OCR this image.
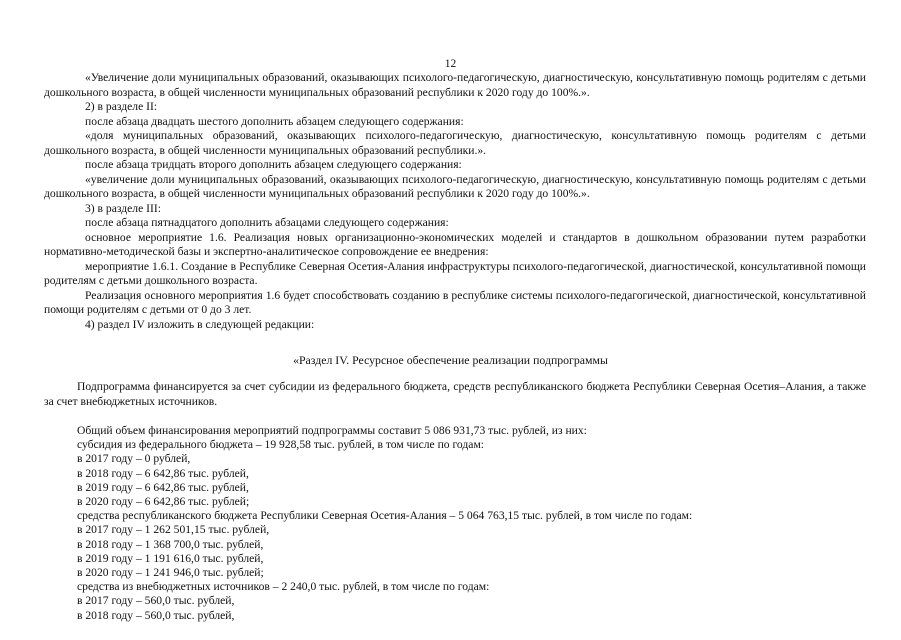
12

«Увеличение доли муниципальных образований, оказывающих психолого-педагогическую, диагностическую, консультативную помощь родителям с детьми дошкольного возраста, в общей численности муниципальных образований республики к 2020 году до 100%.».

2) в разделе II:

после абзаца двадцать шестого дополнить абзацем следующего содержания:

«доля муниципальных образований, оказывающих психолого-педагогическую, диагностическую, консультативную помощь родителям с детьми дошкольного возраста, в общей численности муниципальных образований республики.».

после абзаца тридцать второго дополнить абзацем следующего содержания:

«увеличение доли муниципальных образований, оказывающих психолого-педагогическую, диагностическую, консультативную помощь родителям с детьми дошкольного возраста, в общей численности муниципальных образований республики к 2020 году до 100%.».

3) в разделе III:

после абзаца пятнадцатого дополнить абзацами следующего содержания:

основное мероприятие 1.6. Реализация новых организационно-экономических моделей и стандартов в дошкольном образовании путем разработки нормативно-методической базы и экспертно-аналитическое сопровождение ее внедрения:

мероприятие 1.6.1. Создание в Республике Северная Осетия-Алания инфраструктуры психолого-педагогической, диагностической, консультативной помощи родителям с детьми дошкольного возраста.

Реализация основного мероприятия 1.6 будет способствовать созданию в республике системы психолого-педагогической, диагностической, консультативной помощи родителям с детьми от 0 до 3 лет.

4) раздел IV изложить в следующей редакции:

«Раздел IV. Ресурсное обеспечение реализации подпрограммы

Подпрограмма финансируется за счет субсидии из федерального бюджета, средств республиканского бюджета Республики Северная Осетия–Алания, а также за счет внебюджетных источников.

Общий объем финансирования мероприятий подпрограммы составит 5 086 931,73 тыс. рублей, из них:

субсидия из федерального бюджета – 19 928,58 тыс. рублей, в том числе по годам:

в 2017 году – 0 рублей,

в 2018 году – 6 642,86 тыс. рублей,

в 2019 году – 6 642,86 тыс. рублей,

в 2020 году – 6 642,86 тыс. рублей;

средства республиканского бюджета Республики Северная Осетия-Алания – 5 064 763,15 тыс. рублей, в том числе по годам:

в 2017 году – 1 262 501,15 тыс. рублей,

в 2018 году – 1 368 700,0 тыс. рублей,

в 2019 году – 1 191 616,0 тыс. рублей,

в 2020 году – 1 241 946,0 тыс. рублей;

средства из внебюджетных источников – 2 240,0 тыс. рублей, в том числе по годам:

в 2017 году – 560,0 тыс. рублей,

в 2018 году – 560,0 тыс. рублей,
